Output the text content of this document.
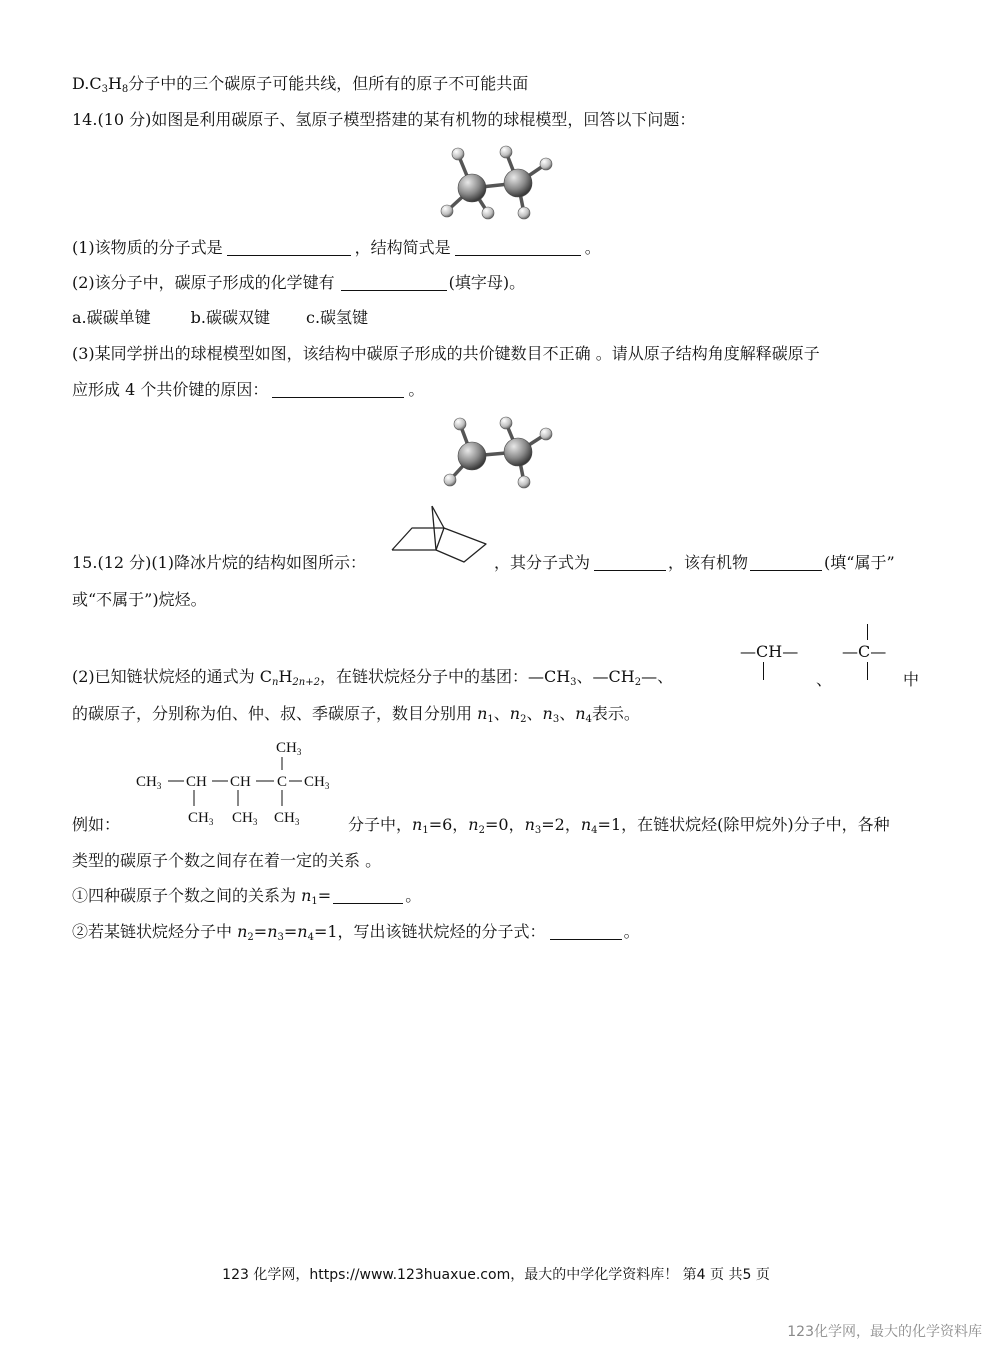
$D.C_3H_8$分子中的三个碳原子可能共线，但所有的原子不可能共面
14.(10 分)如图是利用碳原子、氢原子模型搭建的某有机物的球棍模型，回答以下问题：
(1)该物质的分子式是	，结构简式是	。
(2)该分子中，碳原子形成的化学键有	(填字母)。
a.碳碳单键	b.碳碳双键 c.碳氢键
(3)某同学拼出的球棍模型如图，该结构中碳原子形成的共价键数目不正确 。请从原子结构角度解释碳原子
应形成 4 个共价键的原因：	。
15.(12 分)(1)降冰片烷的结构如图所示：	，其分子式为	，该有机物	(填“属于”
或“不属于”)烷烃。
(2)已知链状烷烃的通式为 $C_nH_{2n+2}$，在链状烷烃分子中的基团：$—CH_3$、$—CH_2—$、
—CH—
、
—C—
中
的碳原子，分别称为伯、仲、叔、季碳原子，数目分别用 $n_1$、$n_2$、$n_3$、$n_4$表示。
$CH_3$
$CH_3$ CH CH C $CH_3$
$CH_3$ $CH_3$ $CH_3$
例如：	分子中，$n_1=6$，$n_2=0$，$n_3=2$，$n_4=1$，在链状烷烃(除甲烷外)分子中，各种
类型的碳原子个数之间存在着一定的关系 。
①四种碳原子个数之间的关系为 $n_1=$	。
②若某链状烷烃分子中 $n_2=n_3=n_4=1$，写出该链状烷烃的分子式：	。
123 化学网，https://www.123huaxue.com，最大的中学化学资料库！ 第4 页 共5 页
123化学网，最大的化学资料库
